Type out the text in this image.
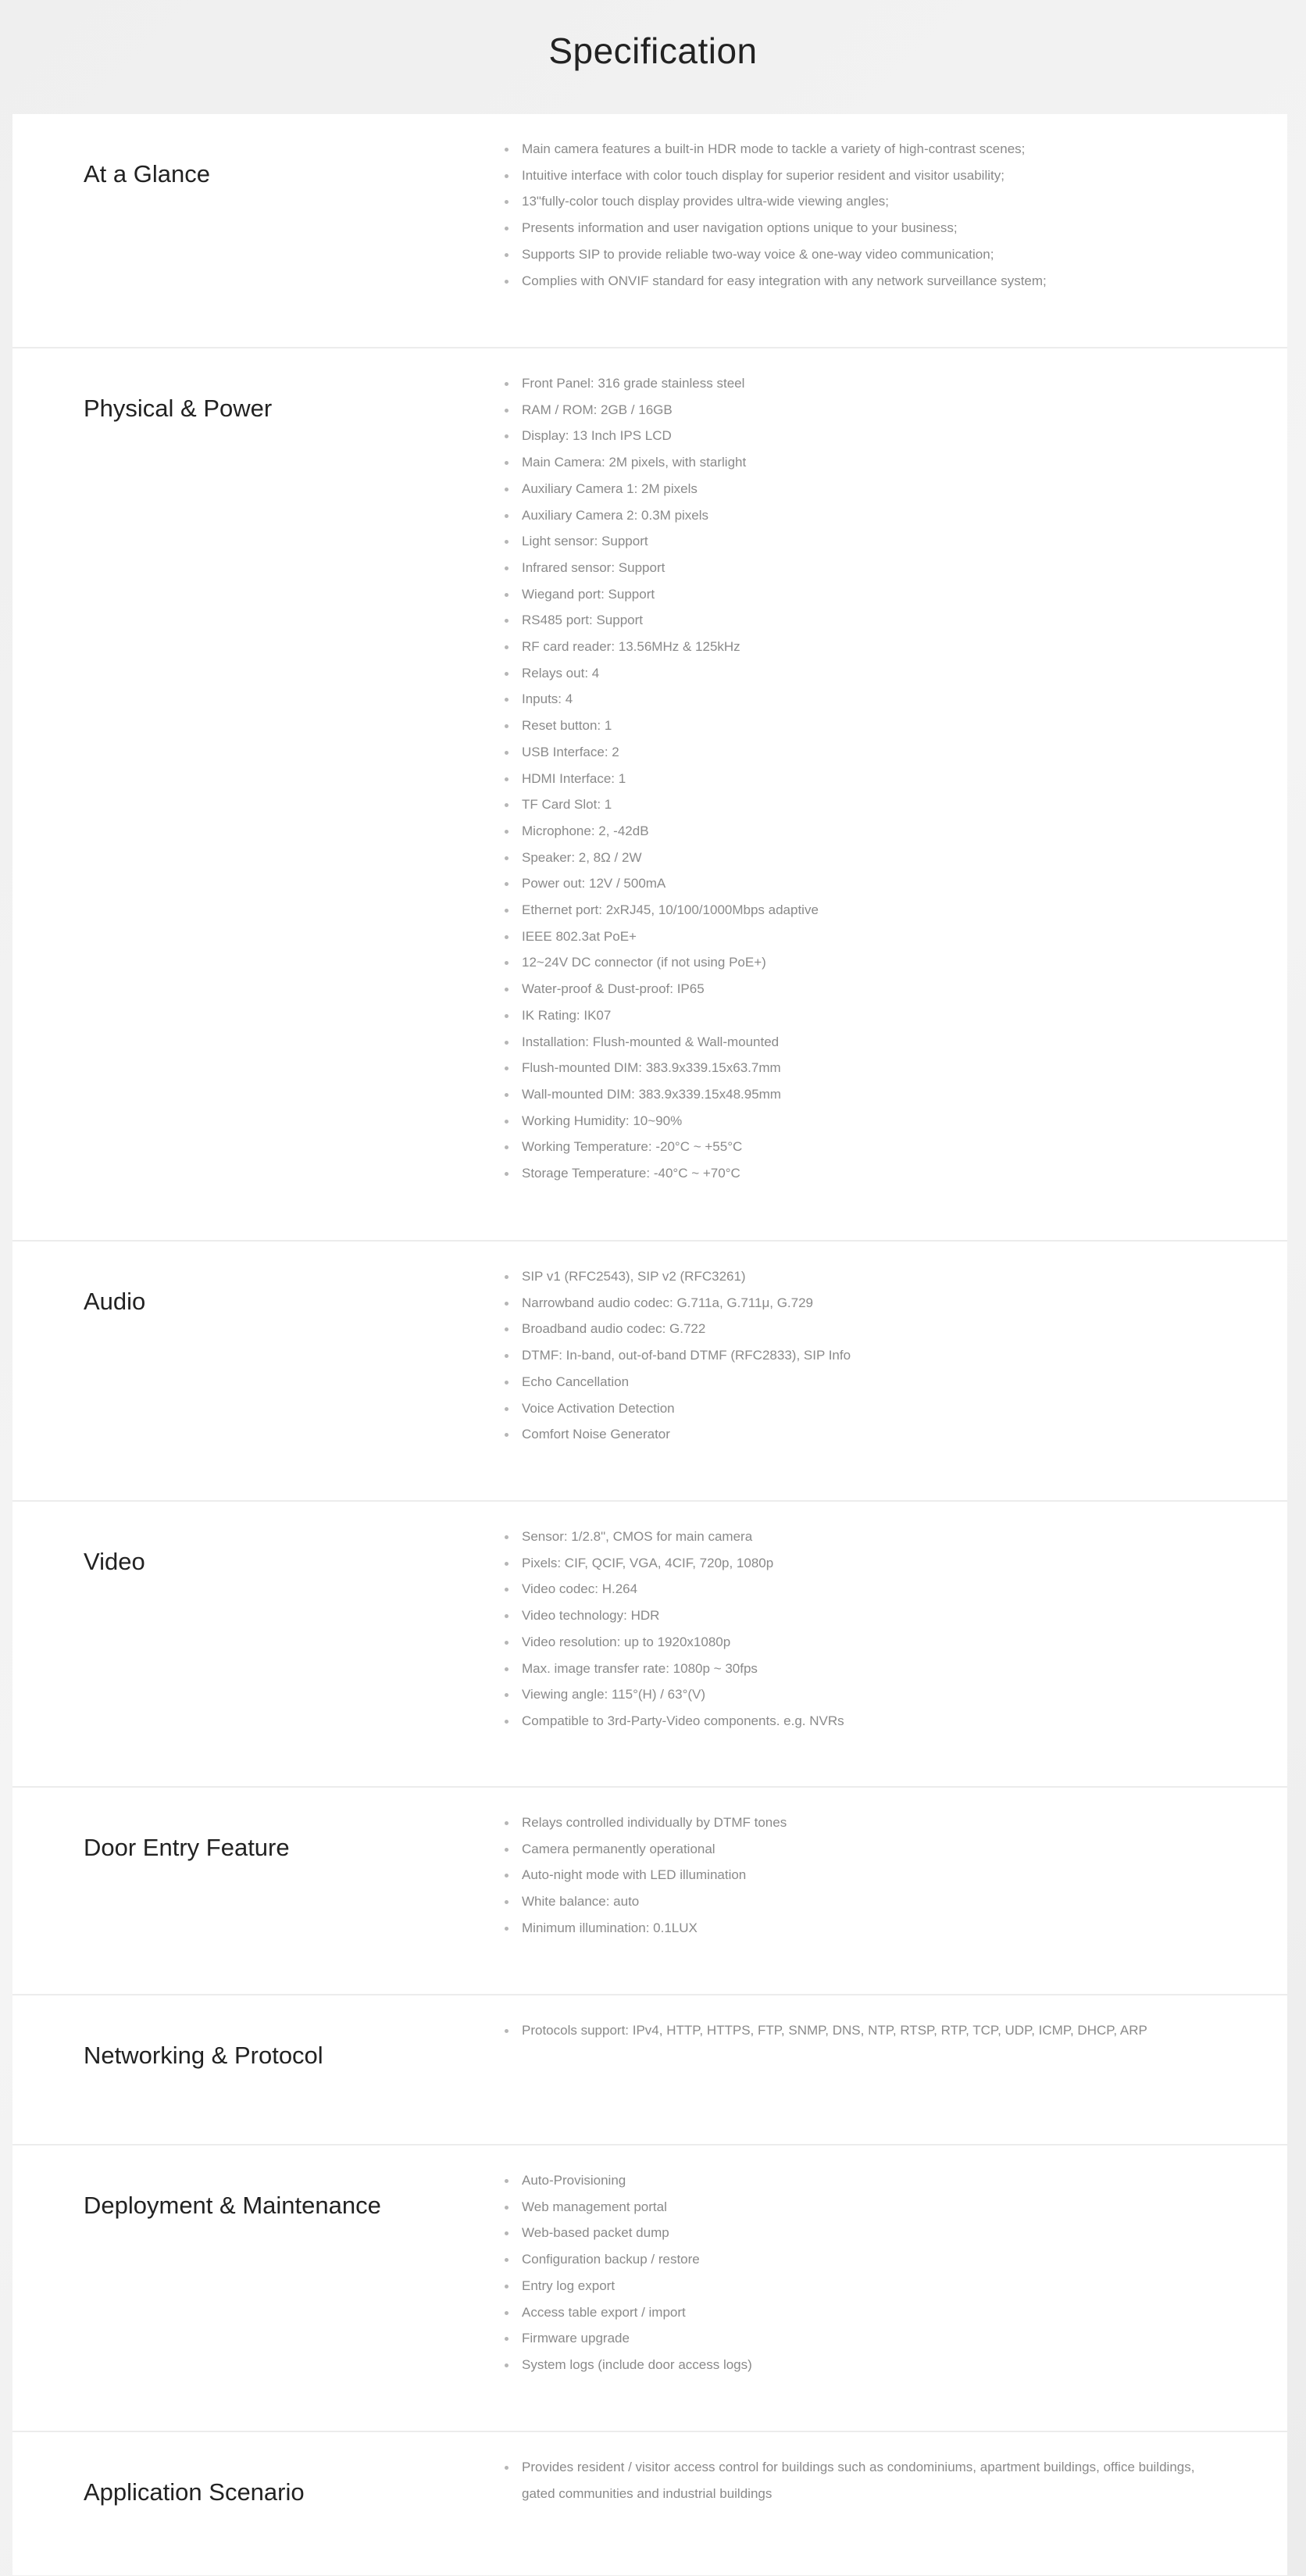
Specification
At a Glance
Main camera features a built-in HDR mode to tackle a variety of high-contrast scenes;
Intuitive interface with color touch display for superior resident and visitor usability;
13"fully-color touch display provides ultra-wide viewing angles;
Presents information and user navigation options unique to your business;
Supports SIP to provide reliable two-way voice & one-way video communication;
Complies with ONVIF standard for easy integration with any network surveillance system;
Physical & Power
Front Panel: 316 grade stainless steel
RAM / ROM: 2GB / 16GB
Display: 13 Inch IPS LCD
Main Camera: 2M pixels, with starlight
Auxiliary Camera 1: 2M pixels
Auxiliary Camera 2: 0.3M pixels
Light sensor: Support
Infrared sensor: Support
Wiegand port: Support
RS485 port: Support
RF card reader: 13.56MHz & 125kHz
Relays out: 4
Inputs: 4
Reset button: 1
USB Interface: 2
HDMI Interface: 1
TF Card Slot: 1
Microphone: 2, -42dB
Speaker: 2, 8Ω / 2W
Power out: 12V / 500mA
Ethernet port: 2xRJ45, 10/100/1000Mbps adaptive
IEEE 802.3at PoE+
12~24V DC connector (if not using PoE+)
Water-proof & Dust-proof: IP65
IK Rating: IK07
Installation: Flush-mounted & Wall-mounted
Flush-mounted DIM: 383.9x339.15x63.7mm
Wall-mounted DIM: 383.9x339.15x48.95mm
Working Humidity: 10~90%
Working Temperature: -20°C ~ +55°C
Storage Temperature: -40°C ~ +70°C
Audio
SIP v1 (RFC2543), SIP v2 (RFC3261)
Narrowband audio codec: G.711a, G.711μ, G.729
Broadband audio codec: G.722
DTMF: In-band, out-of-band DTMF (RFC2833), SIP Info
Echo Cancellation
Voice Activation Detection
Comfort Noise Generator
Video
Sensor: 1/2.8", CMOS for main camera
Pixels: CIF, QCIF, VGA, 4CIF, 720p, 1080p
Video codec: H.264
Video technology: HDR
Video resolution: up to 1920x1080p
Max. image transfer rate: 1080p ~ 30fps
Viewing angle: 115°(H) / 63°(V)
Compatible to 3rd-Party-Video components. e.g. NVRs
Door Entry Feature
Relays controlled individually by DTMF tones
Camera permanently operational
Auto-night mode with LED illumination
White balance: auto
Minimum illumination: 0.1LUX
Networking & Protocol
Protocols support: IPv4, HTTP, HTTPS, FTP, SNMP, DNS, NTP, RTSP, RTP, TCP, UDP, ICMP, DHCP, ARP
Deployment & Maintenance
Auto-Provisioning
Web management portal
Web-based packet dump
Configuration backup / restore
Entry log export
Access table export / import
Firmware upgrade
System logs (include door access logs)
Application Scenario
Provides resident / visitor access control for buildings such as condominiums, apartment buildings, office buildings, gated communities and industrial buildings
